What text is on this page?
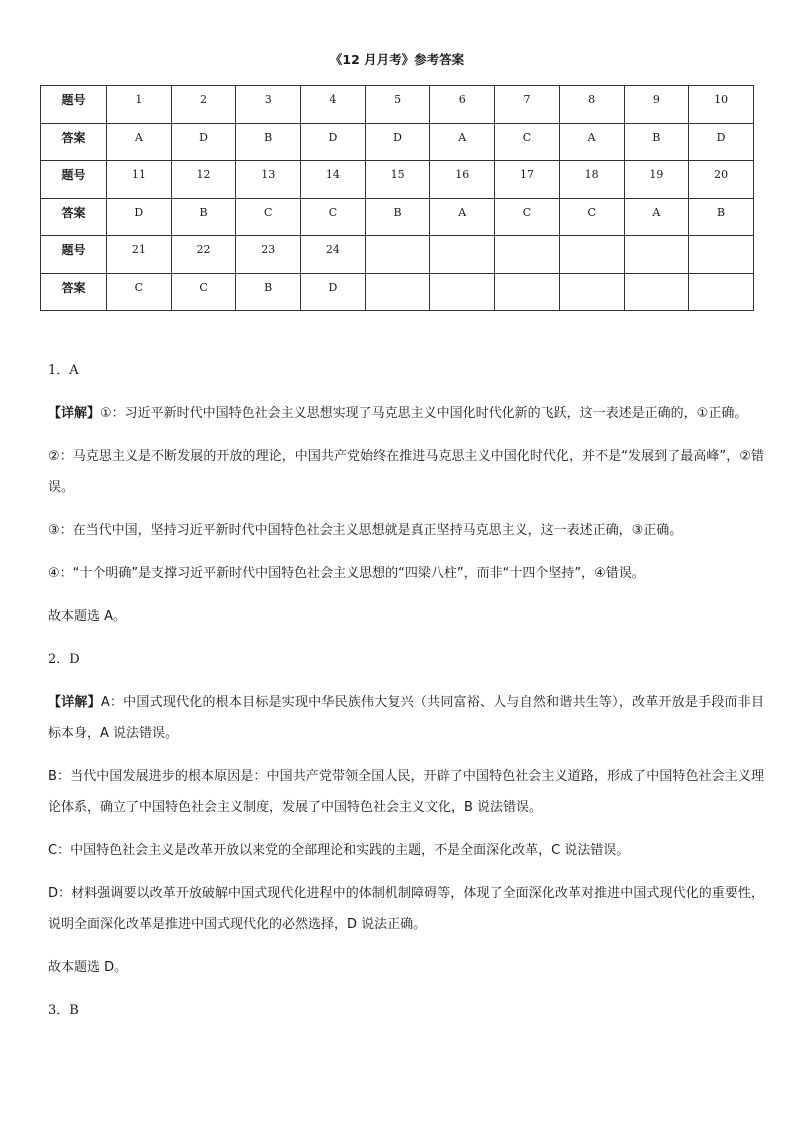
《12 月月考》参考答案
题号	1	2	3	4	5	6	7	8	9	10

答案	A	D	B	D	D	A	C	A	B	D

题号	11	12	13	14	15	16	17	18	19	20

答案	D	B	C	C	B	A	C	C	A	B

题号	21	22	23	24						

答案	C	C	B	D						

1．A

【详解】①：习近平新时代中国特色社会主义思想实现了马克思主义中国化时代化新的飞跃，这一表述是正确的，①正确。

②：马克思主义是不断发展的开放的理论，中国共产党始终在推进马克思主义中国化时代化，并不是“发展到了最高峰”，②错误。

③：在当代中国，坚持习近平新时代中国特色社会主义思想就是真正坚持马克思主义，这一表述正确，③正确。

④：“十个明确”是支撑习近平新时代中国特色社会主义思想的“四梁八柱”，而非“十四个坚持”，④错误。

故本题选 A。

2．D

【详解】A：中国式现代化的根本目标是实现中华民族伟大复兴（共同富裕、人与自然和谐共生等），改革开放是手段而非目标本身，A 说法错误。

B：当代中国发展进步的根本原因是：中国共产党带领全国人民，开辟了中国特色社会主义道路，形成了中国特色社会主义理论体系，确立了中国特色社会主义制度，发展了中国特色社会主义文化，B 说法错误。

C：中国特色社会主义是改革开放以来党的全部理论和实践的主题，不是全面深化改革，C 说法错误。

D：材料强调要以改革开放破解中国式现代化进程中的体制机制障碍等，体现了全面深化改革对推进中国式现代化的重要性，说明全面深化改革是推进中国式现代化的必然选择，D 说法正确。

故本题选 D。

3．B
